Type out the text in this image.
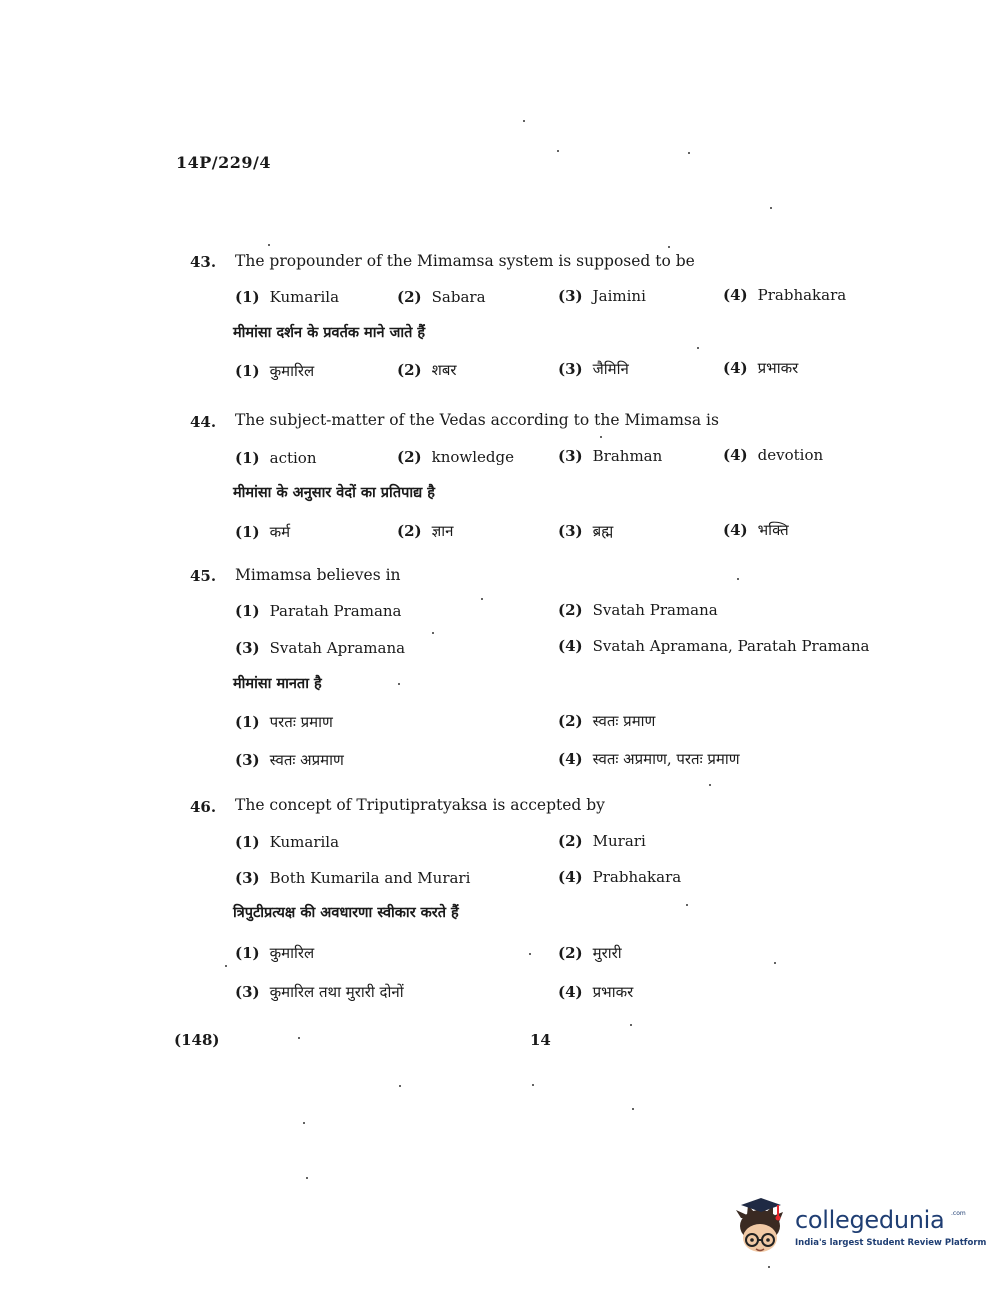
14P/229/4
43. The propounder of the Mimamsa system is supposed to be
(1) Kumarila	(2) Sabara	(3) Jaimini	(4) Prabhakara
मीमांसा दर्शन के प्रवर्तक माने जाते हैं
(1) कुमारिल	(2) शबर	(3) जैमिनि	(4) प्रभाकर
44. The subject-matter of the Vedas according to the Mimamsa is
(1) action	(2) knowledge	(3) Brahman	(4) devotion
मीमांसा के अनुसार वेदों का प्रतिपाद्य है
(1) कर्म	(2) ज्ञान	(3) ब्रह्म	(4) भक्ति
45. Mimamsa believes in
(1) Paratah Pramana	(2) Svatah Pramana
(3) Svatah Apramana	(4) Svatah Apramana, Paratah Pramana
मीमांसा मानता है
(1) परतः प्रमाण	(2) स्वतः प्रमाण
(3) स्वतः अप्रमाण	(4) स्वतः अप्रमाण, परतः प्रमाण
46. The concept of Triputipratyaksa is accepted by
(1) Kumarila	(2) Murari
(3) Both Kumarila and Murari	(4) Prabhakara
त्रिपुटीप्रत्यक्ष की अवधारणा स्वीकार करते हैं
(1) कुमारिल	(2) मुरारी
(3) कुमारिल तथा मुरारी दोनों	(4) प्रभाकर
(148)	14
collegedunia .com
India's largest Student Review Platform
